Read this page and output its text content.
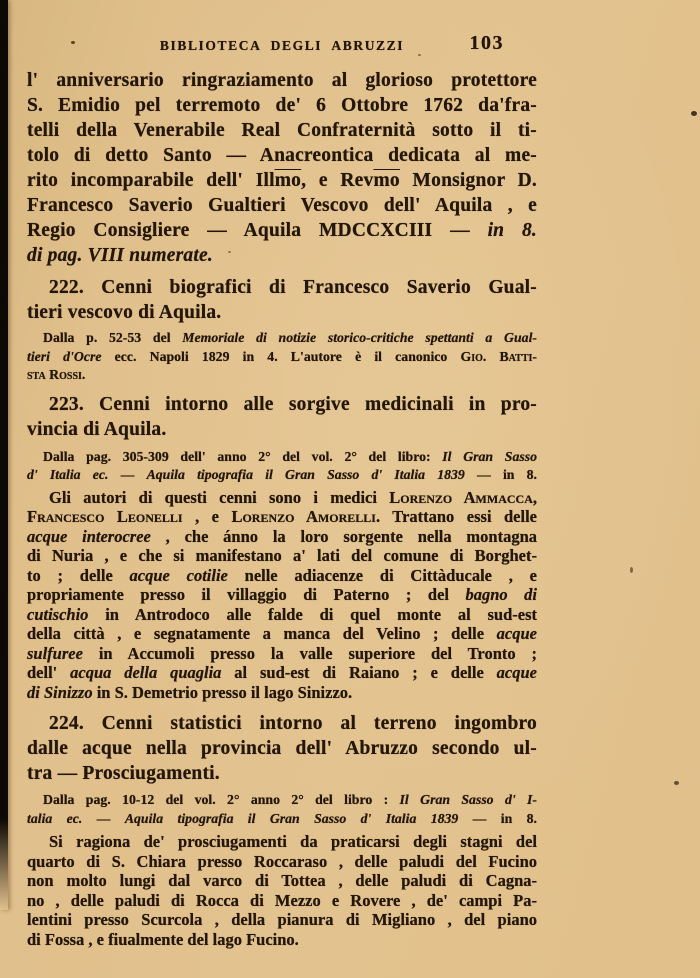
BIBLIOTECA DEGLI ABRUZZI	103
l' anniversario ringraziamento al glorioso protettore
S. Emidio pel terremoto de' 6 Ottobre 1762 da'fra-
telli della Venerabile Real Confraternità sotto il ti-
tolo di detto Santo — Anacreontica dedicata al me-
rito incomparabile dell' $Ill\overline{mo}$, e $Rev\overline{mo}$ Monsignor D.
Francesco Saverio Gualtieri Vescovo dell' Aquila , e
Regio Consigliere — Aquila MDCCXCIII — in 8.
di pag. VIII numerate.
222. Cenni biografici di Francesco Saverio Gual-
tieri vescovo di Aquila.
Dalla p. 52-53 del Memoriale di notizie storico-critiche spettanti a Gual-
tieri d'Ocre ecc. Napoli 1829 in 4. L'autore è il canonico Gio. Batti-
sta Rossi.
223. Cenni intorno alle sorgive medicinali in pro-
vincia di Aquila.
Dalla pag. 305-309 dell' anno 2° del vol. 2° del libro: Il Gran Sasso
d' Italia ec. — Aquila tipografia il Gran Sasso d' Italia 1839 — in 8.
Gli autori di questi cenni sono i medici Lorenzo Ammacca,
Francesco Leonelli , e Lorenzo Amorelli. Trattano essi delle
acque interocree , che ánno la loro sorgente nella montagna
di Nuria , e che si manifestano a' lati del comune di Borghet-
to ; delle acque cotilie nelle adiacenze di Cittàducale , e
propriamente presso il villaggio di Paterno ; del bagno di
cutischio in Antrodoco alle falde di quel monte al sud-est
della città , e segnatamente a manca del Velino ; delle acque
sulfuree in Accumoli presso la valle superiore del Tronto ;
dell' acqua della quaglia al sud-est di Raiano ; e delle acque
di Sinizzo in S. Demetrio presso il lago Sinizzo.
224. Cenni statistici intorno al terreno ingombro
dalle acque nella provincia dell' Abruzzo secondo ul-
tra — Prosciugamenti.
Dalla pag. 10-12 del vol. 2° anno 2° del libro : Il Gran Sasso d' I-
talia ec. — Aquila tipografia il Gran Sasso d' Italia 1839 — in 8.
Si ragiona de' prosciugamenti da praticarsi degli stagni del
quarto di S. Chiara presso Roccaraso , delle paludi del Fucino
non molto lungi dal varco di Tottea , delle paludi di Cagna-
no , delle paludi di Rocca di Mezzo e Rovere , de' campi Pa-
lentini presso Scurcola , della pianura di Migliano , del piano
di Fossa , e fiualmente del lago Fucino.
